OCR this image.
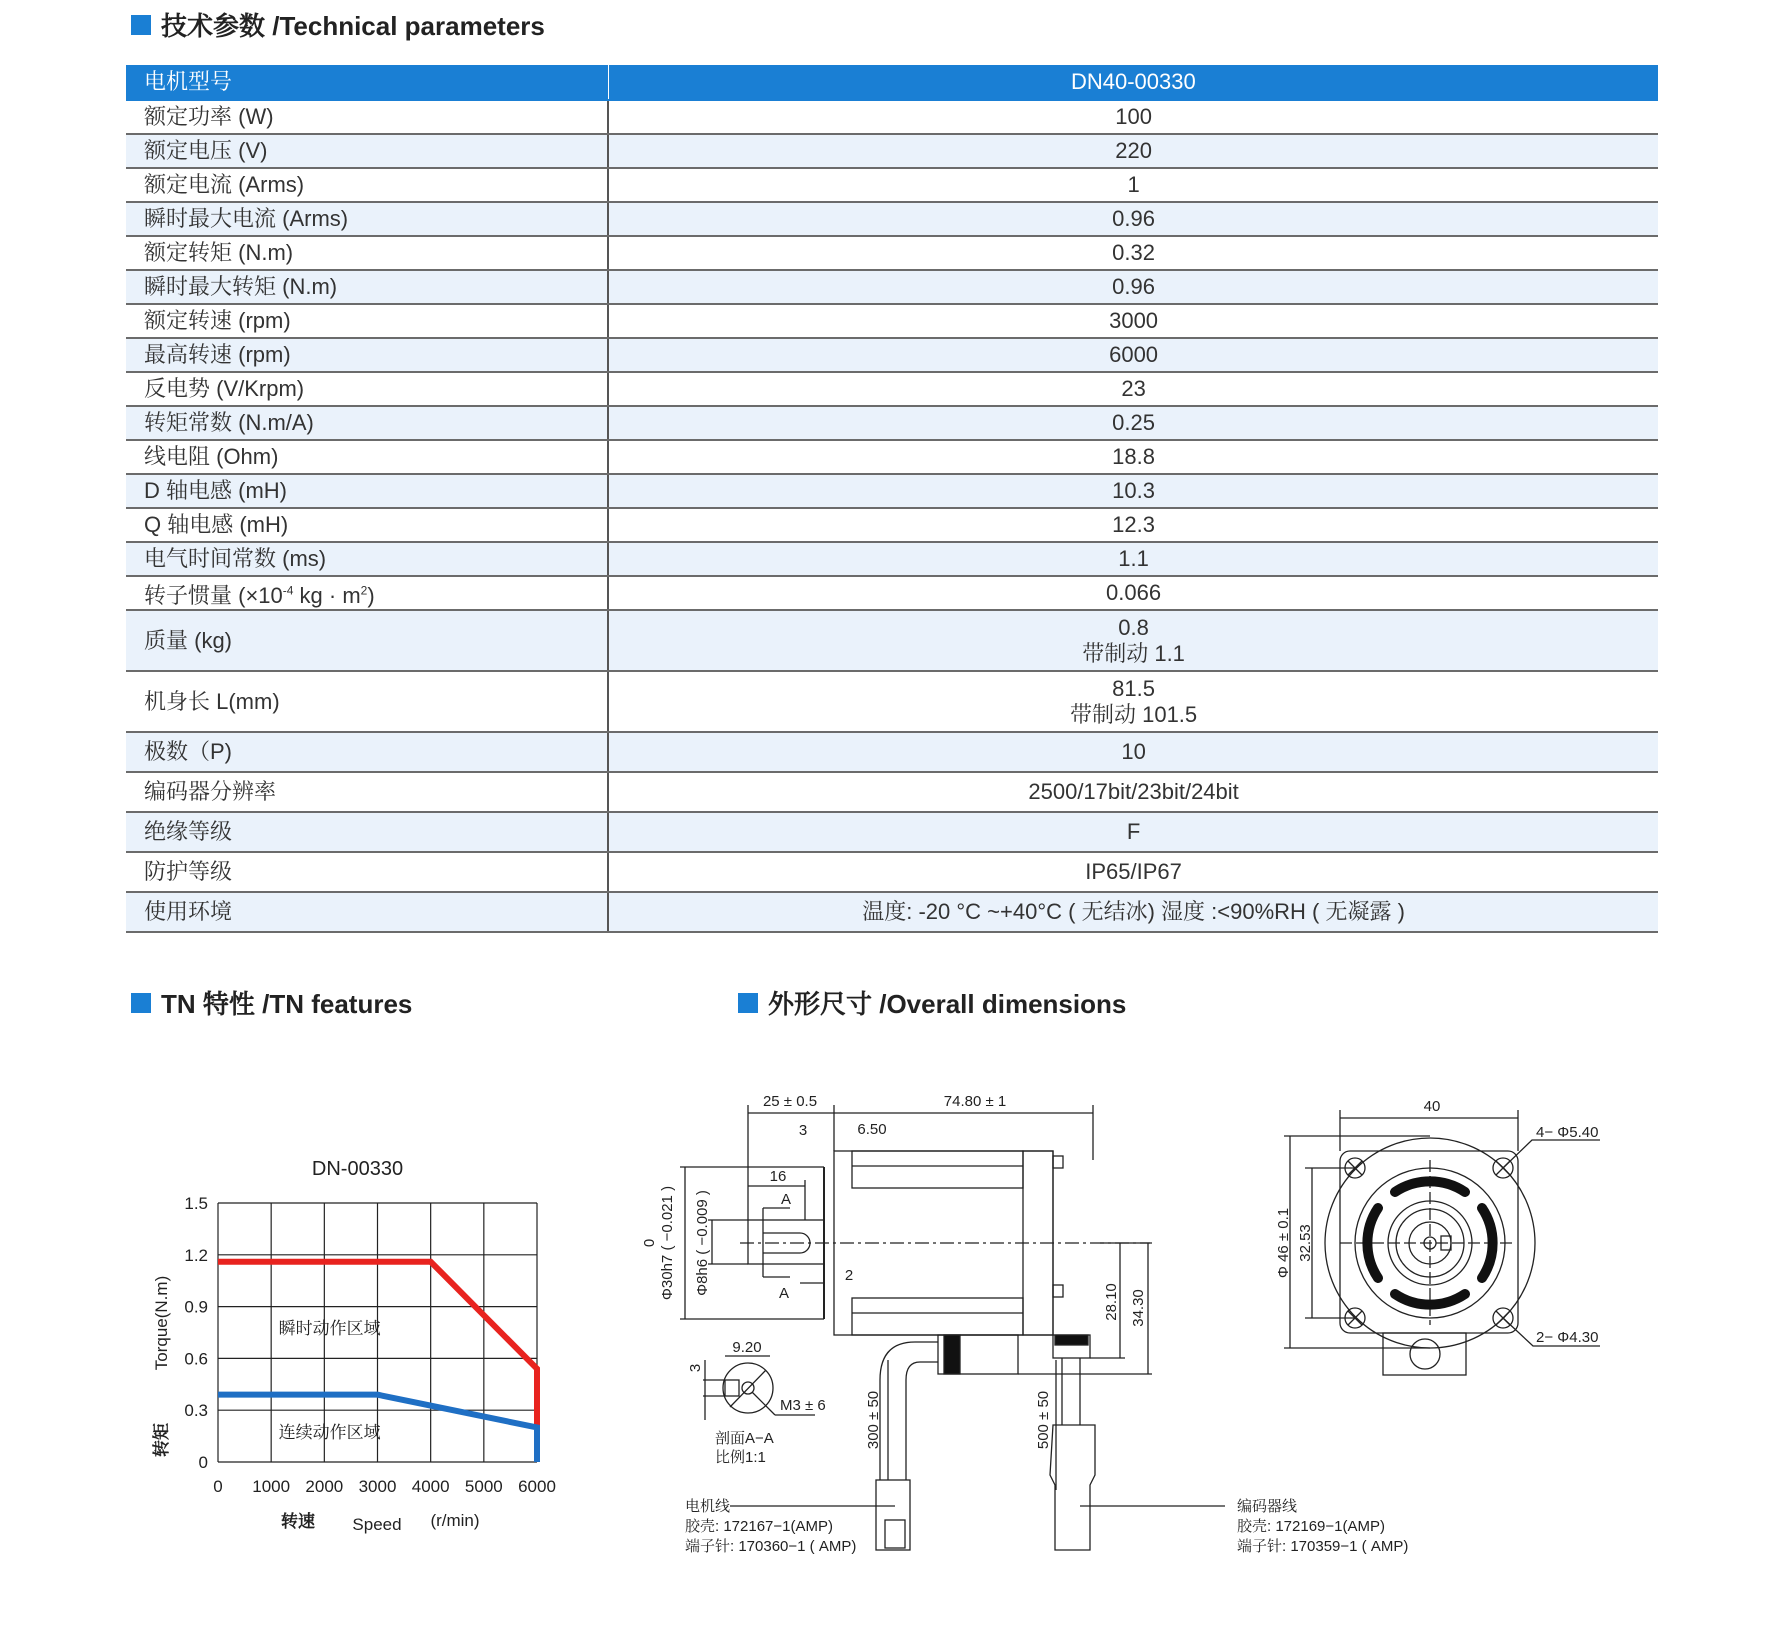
技术参数 /Technical parameters
电机型号	DN40-00330
额定功率 (W)	100
额定电压 (V)	220
额定电流 (Arms)	1
瞬时最大电流 (Arms)	0.96
额定转矩 (N.m)	0.32
瞬时最大转矩 (N.m)	0.96
额定转速 (rpm)	3000
最高转速 (rpm)	6000
反电势 (V/Krpm)	23
转矩常数 (N.m/A)	0.25
线电阻 (Ohm)	18.8
D 轴电感 (mH)	10.3
Q 轴电感 (mH)	12.3
电气时间常数 (ms)	1.1
转子惯量 ($\times 10^{-4}$ kg · $m^2$)	0.066
质量 (kg)	0.8
带制动 1.1

机身长 L(mm)	81.5
带制动 101.5

极数（P)	10
编码器分辨率	2500/17bit/23bit/24bit
绝缘等级	F
防护等级	IP65/IP67
使用环境	温度: -20 °C ~+40°C ( 无结冰) 湿度 :<90%RH ( 无凝露 )
TN 特性 /TN features	外形尺寸 /Overall dimensions
DN-00330
0 1000 2000 3000 4000 5000 6000
0
0.3
0.6
0.9
1.2
1.5
瞬时动作区域
连续动作区域
转速 Speed (r/min)
Torque(N.m)
转矩
25 ± 0.5	74.80 ± 1
3	6.50
16
A
A
2
Φ30h7 ( −0.021 )
0 Φ8h6 ( −0.009 )
28.10 34.30
9.20
3
M3 ± 6
剖面A−A
比例1:1
300 ± 50	500 ± 50
电机线
胶壳: 172167−1(AMP)
端子针: 170360−1 ( AMP)
编码器线
胶壳: 172169−1(AMP)
端子针: 170359−1 ( AMP)
40
4− Φ5.40
2− Φ4.30
Φ 46 ± 0.1 32.53
